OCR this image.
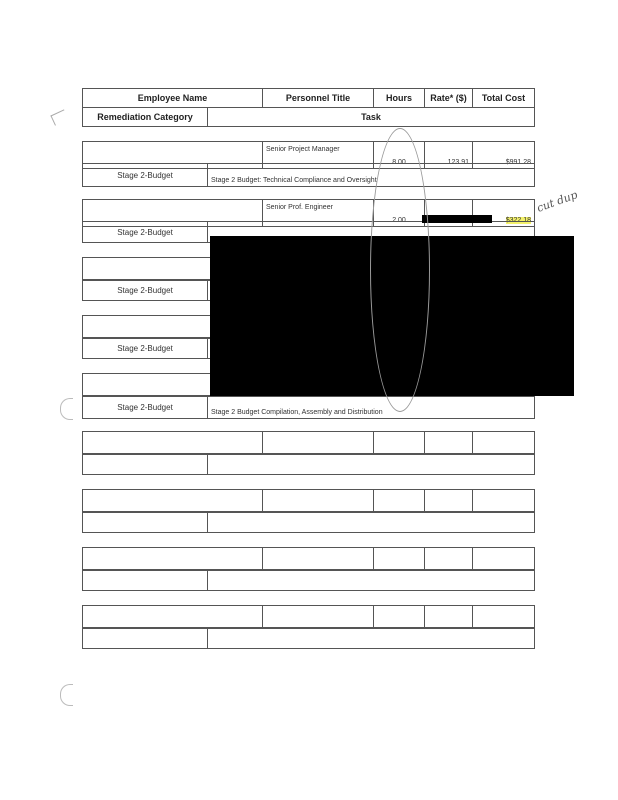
Employee Name	Personnel Title	Hours	Rate* ($)	Total Cost
Remediation Category	Task
	Senior Project Manager	8.00	123.91	$991.28
Stage 2-Budget	Stage 2 Budget: Technical Compliance and Oversight
	Senior Prof. Engineer	2.00		$322.18
Stage 2-Budget	

Stage 2-Budget	

Stage 2-Budget	

Stage 2-Budget	Stage 2 Budget Compilation, Assembly and Distribution

cut dup
